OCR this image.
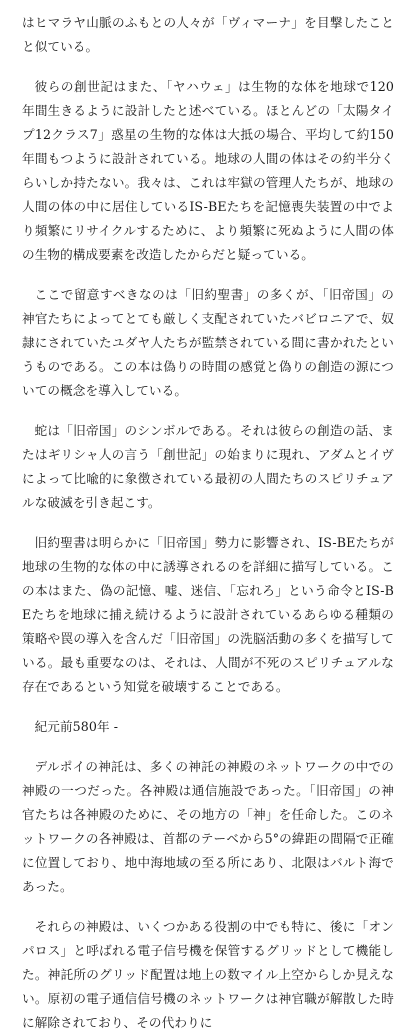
はヒマラヤ山脈のふもとの人々が「ヴィマーナ」を目撃したことと似ている。

彼らの創世記はまた、「ヤハウェ」は生物的な体を地球で120年間生きるように設計したと述べている。ほとんどの「太陽タイプ12クラス7」惑星の生物的な体は大抵の場合、平均して約150年間もつように設計されている。地球の人間の体はその約半分くらいしか持たない。我々は、これは牢獄の管理人たちが、地球の人間の体の中に居住しているIS-BEたちを記憶喪失装置の中でより頻繁にリサイクルするために、より頻繁に死ぬように人間の体の生物的構成要素を改造したからだと疑っている。

ここで留意すべきなのは「旧約聖書」の多くが、「旧帝国」の神官たちによってとても厳しく支配されていたバビロニアで、奴隷にされていたユダヤ人たちが監禁されている間に書かれたというものである。この本は偽りの時間の感覚と偽りの創造の源についての概念を導入している。

蛇は「旧帝国」のシンボルである。それは彼らの創造の話、またはギリシャ人の言う「創世記」の始まりに現れ、アダムとイヴによって比喩的に象徴されている最初の人間たちのスピリチュアルな破滅を引き起こす。

旧約聖書は明らかに「旧帝国」勢力に影響され、IS-BEたちが地球の生物的な体の中に誘導されるのを詳細に描写している。この本はまた、偽の記憶、嘘、迷信、「忘れろ」という命令とIS-BEたちを地球に捕え続けるように設計されているあらゆる種類の策略や罠の導入を含んだ「旧帝国」の洗脳活動の多くを描写している。最も重要なのは、それは、人間が不死のスピリチュアルな存在であるという知覚を破壊することである。

紀元前580年 -

デルポイの神託は、多くの神託の神殿のネットワークの中での神殿の一つだった。各神殿は通信施設であった。「旧帝国」の神官たちは各神殿のために、その地方の「神」を任命した。このネットワークの各神殿は、首都のテーベから5°の緯距の間隔で正確に位置しており、地中海地域の至る所にあり、北限はバルト海であった。

それらの神殿は、いくつかある役割の中でも特に、後に「オンパロス」と呼ばれる電子信号機を保管するグリッドとして機能した。神託所のグリッド配置は地上の数マイル上空からしか見えない。原初の電子通信信号機のネットワークは神官職が解散した時に解除されており、その代わりに
